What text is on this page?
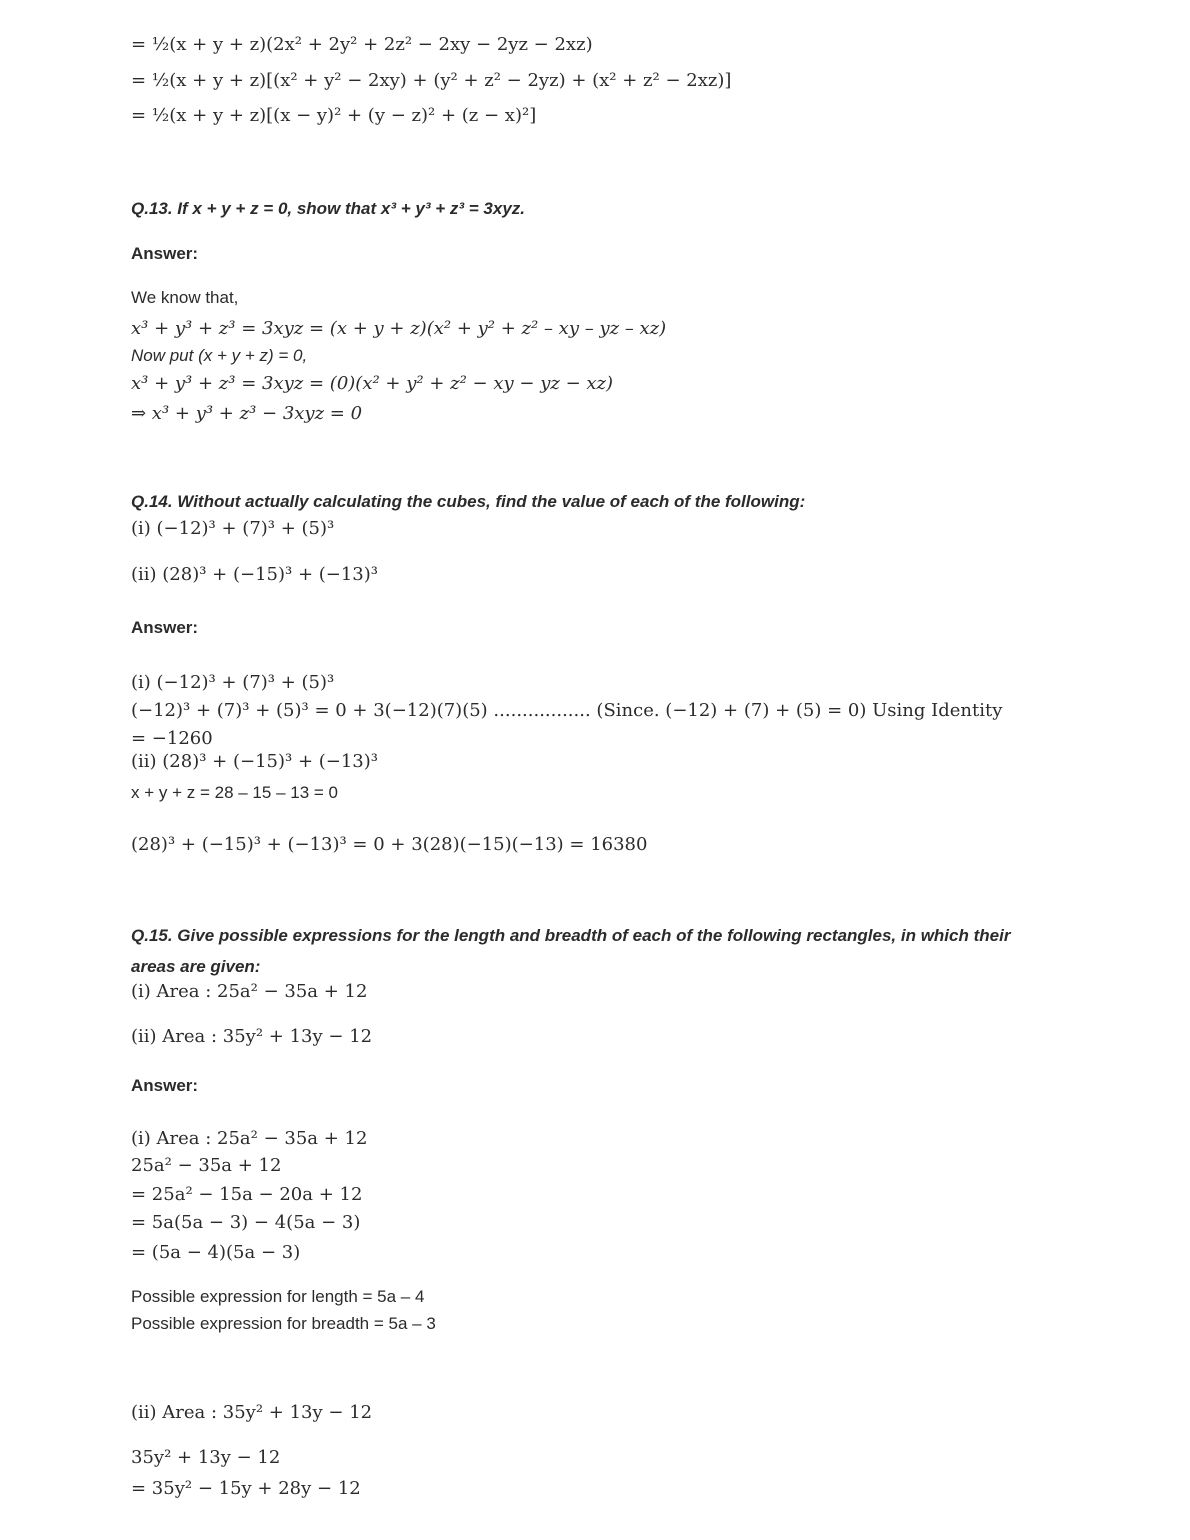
= ½(x + y + z)(2x² + 2y² + 2z² − 2xy − 2yz − 2xz)
= ½(x + y + z)[(x² + y² − 2xy) + (y² + z² − 2yz) + (x² + z² − 2xz)]
= ½(x + y + z)[(x − y)² + (y − z)² + (z − x)²]
Q.13. If x + y + z = 0, show that x³ + y³ + z³ = 3xyz.
Answer:
We know that,
x³ + y³ + z³ = 3xyz = (x + y + z)(x² + y² + z² – xy – yz – xz)
Now put (x + y + z) = 0,
x³ + y³ + z³ = 3xyz = (0)(x² + y² + z² − xy − yz − xz)
⇒ x³ + y³ + z³ − 3xyz = 0
Q.14. Without actually calculating the cubes, find the value of each of the following:
(i) (−12)³ + (7)³ + (5)³
(ii) (28)³ + (−15)³ + (−13)³
Answer:
(i) (−12)³ + (7)³ + (5)³
(−12)³ + (7)³ + (5)³ = 0 + 3(−12)(7)(5) ................. (Since. (−12) + (7) + (5) = 0) Using Identity
= −1260
(ii) (28)³ + (−15)³ + (−13)³
x + y + z = 28 – 15 – 13 = 0
(28)³ + (−15)³ + (−13)³ = 0 + 3(28)(−15)(−13) = 16380
Q.15. Give possible expressions for the length and breadth of each of the following rectangles, in which their
areas are given:
(i) Area : 25a² − 35a + 12
(ii) Area : 35y² + 13y − 12
Answer:
(i) Area : 25a² − 35a + 12
25a² − 35a + 12
= 25a² − 15a − 20a + 12
= 5a(5a − 3) − 4(5a − 3)
= (5a − 4)(5a − 3)
Possible expression for length = 5a – 4
Possible expression for breadth = 5a – 3
(ii) Area : 35y² + 13y − 12
35y² + 13y − 12
= 35y² − 15y + 28y − 12
